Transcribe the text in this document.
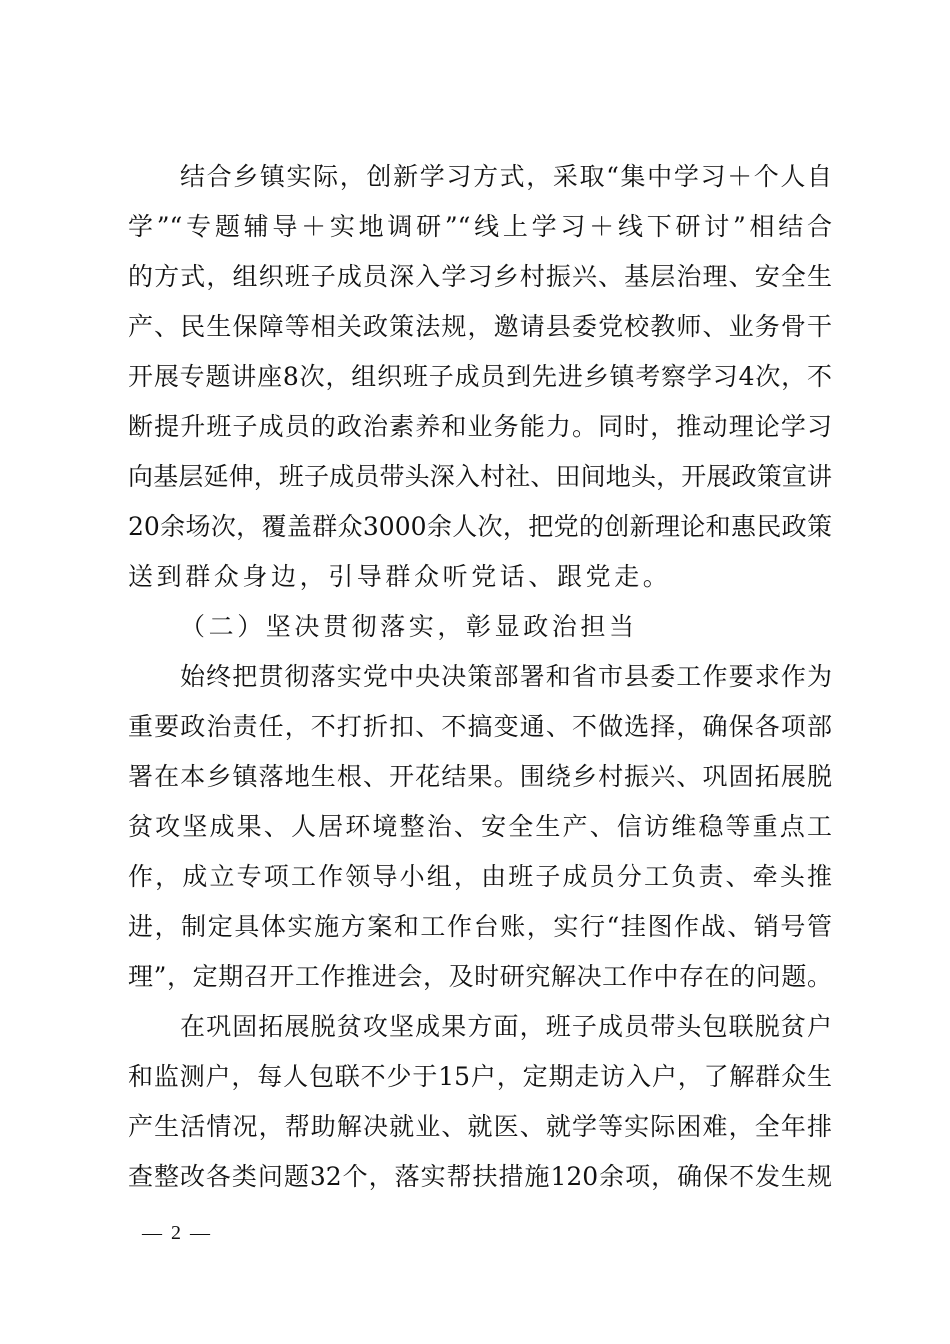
结合乡镇实际，创新学习方式，采取“集中学习＋个人自
学”“专题辅导＋实地调研”“线上学习＋线下研讨”相结合
的方式，组织班子成员深入学习乡村振兴、基层治理、安全生
产、民生保障等相关政策法规，邀请县委党校教师、业务骨干
开展专题讲座8次，组织班子成员到先进乡镇考察学习4次，不
断提升班子成员的政治素养和业务能力。同时，推动理论学习
向基层延伸，班子成员带头深入村社、田间地头，开展政策宣讲
20余场次，覆盖群众3000余人次，把党的创新理论和惠民政策
送到群众身边，引导群众听党话、跟党走。
（二）坚决贯彻落实，彰显政治担当
始终把贯彻落实党中央决策部署和省市县委工作要求作为
重要政治责任，不打折扣、不搞变通、不做选择，确保各项部
署在本乡镇落地生根、开花结果。围绕乡村振兴、巩固拓展脱
贫攻坚成果、人居环境整治、安全生产、信访维稳等重点工
作，成立专项工作领导小组，由班子成员分工负责、牵头推
进，制定具体实施方案和工作台账，实行“挂图作战、销号管
理”，定期召开工作推进会，及时研究解决工作中存在的问题。
在巩固拓展脱贫攻坚成果方面，班子成员带头包联脱贫户
和监测户，每人包联不少于15户，定期走访入户，了解群众生
产生活情况，帮助解决就业、就医、就学等实际困难，全年排
查整改各类问题32个，落实帮扶措施120余项，确保不发生规
— 2 —
